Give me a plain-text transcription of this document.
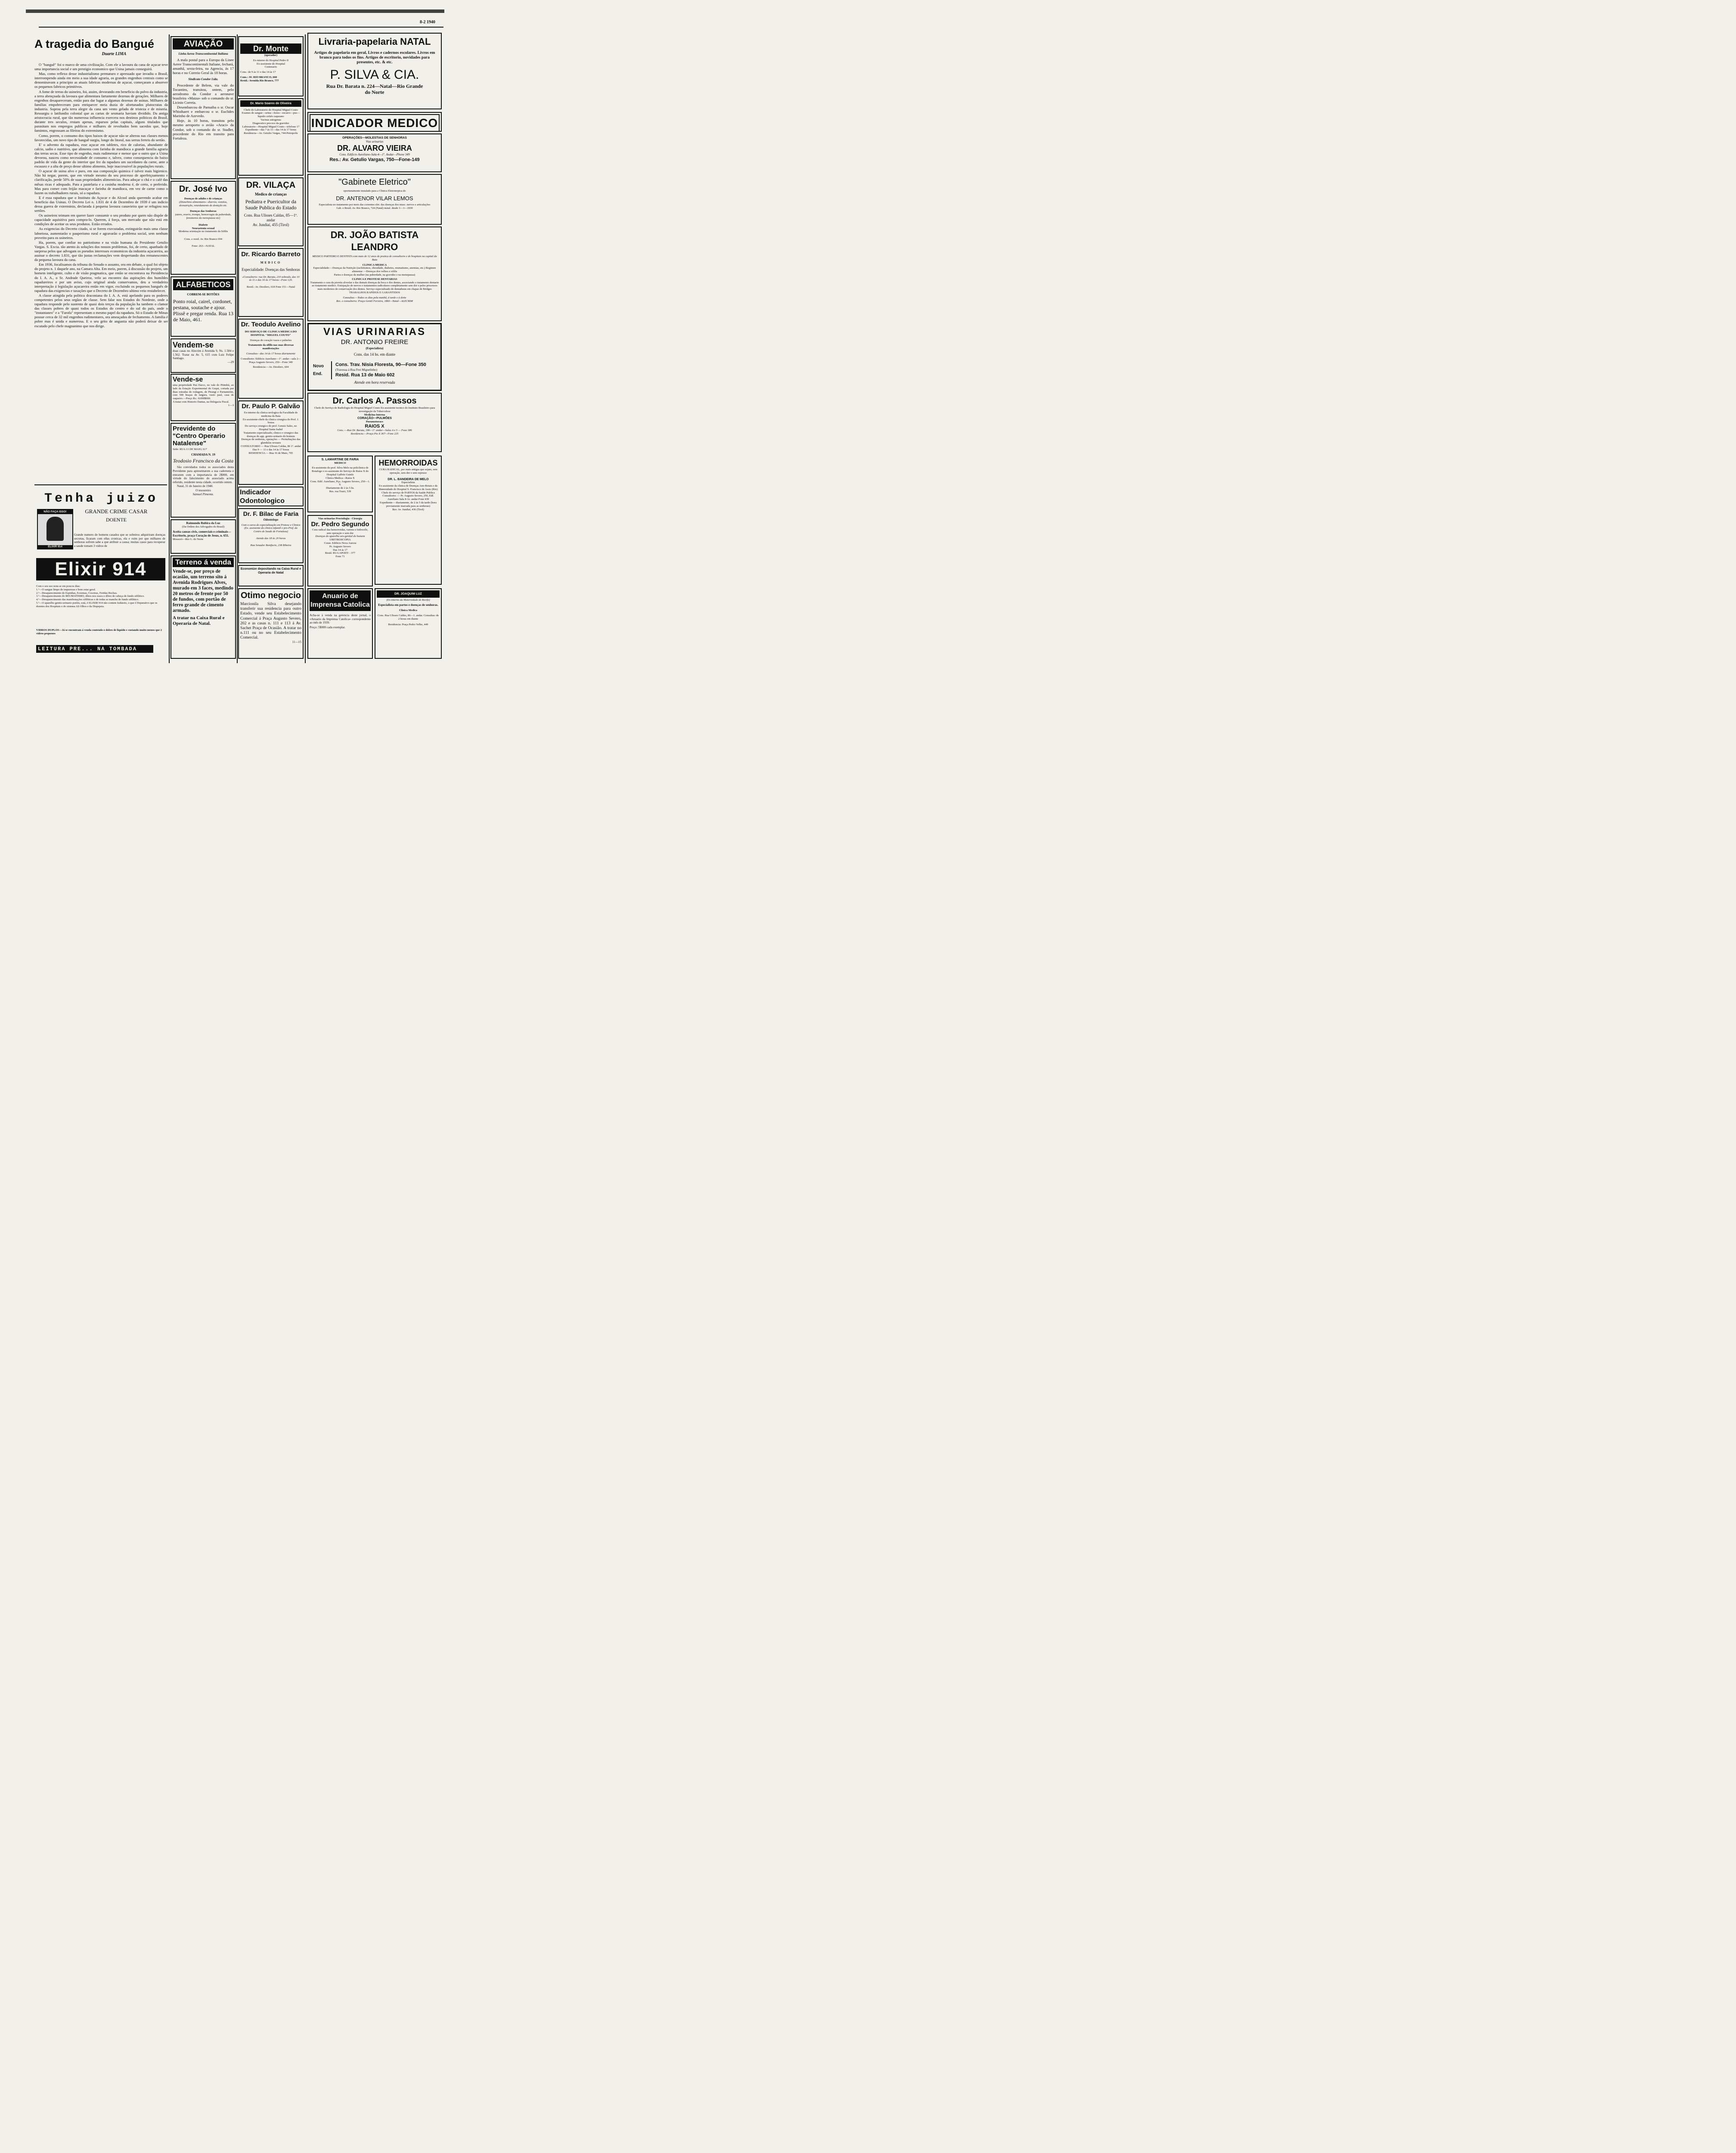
8-2 1940
A tragedia do Bangué
Duarte LIMA

O "banguê" foi o marco de uma civilização. Com ele a lavoura da cana de açucar teve uma importancia social e um prestigio economico que Usina jamais conseguirá.

Mas, como reflexo desse industrialismo prematuro e apressado que invadiu o Brasil, interrompendo ainda em meio a sua idade agraria, os grandes engenhos centrais como se denominavam a principio as atuais fabricas modernas de açucar, começaram a absorver os pequenos fabricos primitivos.

A fome de terras do usineiro, foi, assim, devorando em beneficio do polvo da industria, a terra abençoada da lavoura que alimentara fartamente dezenas de gerações. Milhares de engenhos desapareceram, então para dar lugar a algumas dezenas de usinas. Milhares de familias empobreceram para enriquecer meia duzia de afortunados plutocratas da industria. Soprou pela terra alegre da cana um vento gelado de tristeza e de miseria. Ressurgiu o latifundio colonial que as cartas de sesmaria haviam dividido. Da antiga aristocracia rural, que tão numerosa influencia exercera nos destinos politicos do Brasil, durante tres seculos, restam apenas, esparsos pelas capitais, alguns titulados que parasitam nos empregos publicos e milhares de revoltados bem sacedos que, hoje famintos, engrossam as fileiras do extremismo.

Como, porem, o consumo dos tipos baixos de açucar não se alterou nas classes menos favorecidas, um novo tipo de banguê surgiu, longe do litoral, nas serras ferteis do sertão.

E' o advento da rapadura, esse açucar em tabletes, rico de calorias, abundante de calcio, sadio e nutritivo, que alimenta com farinha de mandioca a grande familia agraria das terras secas. Esse tipo de engenho, mais rudimentar e menor que o outro que a Usina devorou, nasceu como necessidade de consumo e, talvez, como consequencia do baixo padrão de vida da gente do interior que fez da rapadura um sucedaneo da carne, ante a escassez e a alta de preço desse ultimo alimento, hoje inaccessivel ás populações rurais.

O açucar de usina alvo e puro, em sua composição quimica é talvez mais higienico. Não há negar, porem, que em virtude mesmo do seu processo de aperfeiçoamento e clarificação, perde 50% de suas propriedades alimenticias. Para adoçar o chá e o café das mêsas ricas é adequado. Para a pastelaria e a cosinha moderna é, de certo, o preferido. Mas para comer com feijão macaçar e farinha de mandioca, em vez de carne como o fazem os trabalhadores rurais, só a rapadura.

E é essa rapadura que o Instituto do Açucar e do Alcool anda querendo acabar em beneficio das Usinas. O Decreto Lei n. 1.831 de 4 de Dezembro de 1939 é um indicio dessa guerra de exterminio, declarada á pequena lavoura canavieira que se refugiou nos sertões.

Os usineiros teimam em querer fazer consumir o seu produto por quem não dispõe de capacidade aquisitiva para compra-lo. Querem, á força, um mercado que não está em condições de aceitar os seus produtos. Estão errados.

As exigencias do Decreto citado, si se forem executadas, extinguirão mais uma classe laboriosa, aumentarão o pauperismo rural e agravarão o problema social, sem nenhum proveito para os usineiros.

Ha, porem, que confiar no patriotismo e na visão humana do Presidente Getulio Vargas. S. Excia. tão atento ás soluções dos nossos problemas, foi, de certo, apanhado de surpresa pelos que advogam os pseudos interesses economicos da industria açucareira, ao assinar o decreto 1.831, que tão justas reclamações vem despertando dos remanescentes da pequena lavoura da cana.

Em 1936, focalisamos da tribuna do Senado o assunto, ora em debate, o qual foi objeto do projeto n. 1 daquele ano, na Camara Alta. Em meio, porem, á discussão do projeto, um homem inteligente, culto e de visão pragmatica, que então se encontrava na Presidencia do I. A. A., o Sr. Andrade Queiroz, velo ao encontro das aspirações dos humildes rapadureiros e por um aviso, cujo original ainda conservamos, deu a verdadeira interpretação á legislação açucareira então em vigor, excluindo os pequenos banguês de rapadura das exigencias e taxações que o Decreto de Dezembro ultimo veio restabelecer.

A classe atingida pela politica draconiana do I. A. A. está apelando para os poderes competentes pelos seus orgãos de classe. Sem falar nos Estados do Nordeste, onde a rapadura responde pelo sustento de quasi dois terços da população ha tambem o clamor das classes pobres de quasi todos os Estados do centro e do sul do país, onde o "instantaneo" e a "Farofa" representam o mesmo papel da rapadura. Só o Estado de Minas possue cerca de 32 mil engenhos rudimentares, ora ameaçados de fechamento. A familia é pobre mas é unida e numerosa. E o seu grito de angustia não poderá deixar de ser escutado pelo chefe magnanimo que nos dirige.

Tenha juizo
GRANDE CRIME CASAR
DOENTE
NÃO FAÇA ISSO!
ELIXIR 914
Grande numero de homens casados que se solteiros adquiriram doenças secretas, ficaram com ellas cronicas, ela e ruim por que milhares de senhoras sofrem sabe a que atribuir a causa; muitas casos para recuperar a saude tomam 3 vidros de
Elixir 914
Com o seu uso nota-se em poucos dias:
1.º—O sangue limpo de impurezas e bom estar geral.
2.º—Desaparecimento de Espinhas, Eczemas, Coceiras, Feridas Bochas.
3.º—Desaparecimento do REUMATISMO, dôres nos ossos e dôres de cabeça de fundo sifilitico.
4.º—Desaparecimento das manifestações sifiliticas e de todas as mancha de fundo sifilitico.
5.º—O aparelho genito-urinario porém, está, é ELIXIR 914 não contem Iodureto, o que é Depurativo que os doentes dos Hospitais e do sistema Ali Olhos e da Dispepsia.
VIDROS DUPLOS—Já se encontram á venda contendo o dobro de liquido e custando muito menos que 2 vidros pequenos
LEITURA PRE... NA TOMBADA
AVIAÇÃO
Linha Aerea Transcontinental Italiana

A mala postal para a Europa da Linee Aeree Transcontinentali Italiane, fechará, amanhã, sexta-feira, na Agencia, ás 17 horas e no Correio Geral ás 18 horas.

Sindicato Condor Ltda.

Procedente de Belem, via vale do Tocantins, transitou, ontem, pelo aerodromo da Condor a aeronave brasileira «Maiza» sob o comando do sr. Licinio Correia.

Desembarcou de Parnaiba o sr. Oscar Whisthaert e embarcou o sr. Euclides Marinho de Azevedo.

Hoje, ás 10 horas, transitou pelo mesmo aeroporto o avião «Araci» da Condor, sob o comando do sr. Stadler, procedente do Rio em transito para Fortaleza.

Dr. José Ivo
Doenças de adulto e de crianças
(Disturbios alimentares—diarréa, vomitos, desnutrição, retardamento de dentição etc.
Doenças das Senhoras
(utero, ovario, trompa, hemorragia da puberdade, fenomenos da menopausa etc)
Diabete
Neurastenia sexual
Moderna orientação no tratamento da Sifilis
Cons. e resid. Av. Rio Branco 694
Fone: 263—NATAL
ALFABETICOS
COBREM-SE BOTÕES
Ponto roial, cairel, cordonet, pestana, soutache e ajour. Plissê e pregar renda. Rua 13 de Maio, 461.
Vendem-se
duas casas no Alecrim á Avenida 9, Ns. 1.584 e 1.562. Tratar na Av. 5, 615 com Luiz Felipe Santiago.
—29
Vende-se
uma propriedade Pau Darco, no vale do Pitimbú, ao lado da Estação Experimental do Gequi, cortada por duas estradas de rodagem, de Pirangi e Parnamirim, com 500 braças de largura, vasto paul, casa de vaqueiro.—Preço Rs.: 8:000$000.
A tratar com Honorio Dantas, na Delegacia Fiscal.
1—3
Previdente do "Centro Operario Natalense"
Séde: RUA 13 DE MAIO, 617
CHAMADA N. 19
Teodosio Francisco da Costa

São convidados todos os associados desta Previdente para apresentarem a sua caderneta e entrarem com a importancia de 2$000, em virtude do falecimento do associado acima referido, residente nesta cidade, ocorrido ontem.

Natal, 31 de Janeiro de 1940.

O tesoureiro
Samuel Pimenta.
Raimundo Rubira da Luz
(Da Ordem dos Advogados do Brasil)
Aceita causas civis, comerciais e criminais—Escritorio, praça Coração de Jesus, n. 651.
Mossoró—Rio G. do Norte
Terreno á venda
Vende-se, por preço de ocasião, um terreno sito á Avenida Rodrigues Alves, murado em 3 faces, medindo 20 metros de frente por 50 de fundos, com portão de ferro grande de cimento armado.
A tratar na Caixa Rural e Operaria de Natal.
Dr. Monte
(operador)
Ex-interno do Hospital Pedro II
Ex-assistente do Hospital
Centenario
Cons.: de 9 ás 11 e das 14 ás 17
Cons.: AV. RIO BRANCO, 660
Resid.: Avenida Rio Branco, 777
Dr. Mario Soares de Oliveira
Chefe do Laboratorio do Hospital Miguel Couto
Exames de sangue—urina—fezes—escarro—pus—liquido cefalo raqueano
Vacinas autogenas
Diagnostico precoce da gravidez
Laboratorio—Hospital Miguel Couto—telefone 17
Expediente—das 7 ás 11—das 14 ás 17 horas
Residencia—Av. Getulio Vargas, 744-Petropolis
DR. VILAÇA
Medico de crianças
Pediatra e Puericultor da Saude Publica do Estado
Cons. Rua Ulisses Caldas, 85—1º. andar
Av. Jundiaí, 455 (Tirol)
Dr. Ricardo Barreto
MEDICO
Especialidade: Doenças das Senhoras
«Consultorio: rua Dr. Barata, 210 sobrado, das 10 ás 11 e das 16 ás 17 horas—Fone 120.
Resid.: Av. Deodoro, 618 Fone 151—Natal
Dr. Teodulo Avelino
DO SERVIÇO DE CLINICA MEDICA DO HOSPITAL "MIGUEL COUTO"
Doenças do coração vasos e pulmões
Tratamento da sifilis nas suas diversas manifestações
Consultas—das 14 ás 17 horas diariamente
Consultorio: Edificio Aureliano—1º. andar—sala 2—Praça Augusto Severo, 250—Fone 349
Residencia:—Av. Deodoro, 604
Dr. Paulo P. Galvão
Ex-interno da clinica urologica da Faculdade de medicina da Baía
Ex-assistente-chefe da clinica cirurgica do Prof. J. Sousa
Do serviço cirurgico do prof. Gensio Sales, no Hospital Santa Isabel
Tratamento especializado, clinico e cirurgico das doenças do app. genito-urinario do homem
Doenças de senhoras, operações — Perturbações das glandulas sexuaes
CONSULTORIO — Rua Ulisses Caldas, 86 1º. andar
Das 9 — 11 e das 14 às 17 horas
RESIDENCIA — Rua 16 de Maio, 705
Indicador Odontologico
Dr. F. Bilac de Faria
Odontologo
Com o curso de especialização em Protese e Clinica (Ex. assistente da clinica infantil e pro-Prof. da Centro de Saude de Fortaleza)
Atende das 18 ás 20 horas
Rua Senador Bonifacio, 238 Ribeira
Economize depositando na Caixa Rural e Operaria de Natal
Otimo negocio
Marcionila Silva desejando transferir sua residencia para outro Estado, vende seu Estabelecimento Comercial á Praça Augusto Severo, 202 e as casas n. 111 e 113 á Av. Sachet Praça de Ocasião. A tratar no n.111 ou no seu Estabelecimento Comercial.
11—15
Livraria-papelaria NATAL
Artigos de papelaria em geral, Livros e cadernos escolares. Livros em branco para todos os fins. Artigos de escritorio, novidades para presentes, etc. & etc.
P. SILVA & CIA.
Rua Dr. Barata n. 224—Natal—Rio Grande do Norte
INDICADOR MEDICO
OPERAÇÕES—MOLESTIAS DE SENHORAS
Vias urinarias
DR. ALVARO VIEIRA
Cons. Edificio Aureliano-Sala-4—1º. Andar—Phone 349
Res.: Av. Getulio Vargas, 750—Fone-149
"Gabinete Eletrico"
oportunamente instalado para a Clinica Eletroterpica do
DR. ANTENOR VILAR LEMOS
Especialista no tratamento por meio das correntes elet. das doenças dos musc. nervos e articulações
Gab. e Resid. Av. Rio Branco, 724 (Natal) instal. desde 3—3—1939
DR. JOÃO BATISTA LEANDRO
MEDICO PARTEIRO E DENTISTA com mais de 12 anos de pratica de consultorio e de hospitais na capital da Baia
CLINICA MEDICA
Especialidade:—Doenças da Nutrição (rachitismos, obesidade, diabetes, reumatismo, anemias, etc.) Regimen alimentar —Doenças dos velhos e sifilis
Partos e doenças da mulher (na puberdade, na gravidez e na menopausa)
CLINICA E PROTESE DENTARIAS
Tratamento e cura da piorréa alveolar e das demais doenças da boca e dos dentes, associando o tratamento dentario ao tratamento medico. Extirpação de nervos e tratamentos radiculares completamente sem dor e pelos processos mais modernos de conservação dos dentes. Serviço especialisado de dentaduras em chapas de Bridges TRABALHOS RAPIDOS E GARANTIDOS
Consultas:—Todos os dias pela manhã, á tarde e á doite
Res. e consultorio: Praça Gentil Ferreira, 1860—Natal—ALECRIM
VIAS URINARIAS
DR. ANTONIO FREIRE
(Especialista)
Cons. das 14 hs. em diante
Novo
End.
Cons. Trav. Nisia Floresta, 90—Fone 350
(Travessa á Rua Frei Miguelinho)
Resid. Rua 13 de Maio 602
Atende em hora reservada
Dr. Carlos A. Passos
Chefe do Serviço de Radiologia do Hospital Miguel Couto Ex-assistente tecnico do Instituto Brasileiro para investigação da Tuberculose
Medicina Interna
CORAÇÃO—PULMÕES
Pneumotorace
RAIOS X
Cons.:—Rua Dr. Barata, 186—1º. andar—Salas 4 e 5 — Fone 386
Residencia:—Praça Pio X 367—Fone 225
S. LAMARTINE DE FARIA
MEDICO
Ex-assistente do prof. Silva Melo na policlinica de Botafogo e ex-assistente do Serviço de Raios X do Hospital Gaffrée Guinle
Clinica Medica—Raios X
Cons. Edif. Aureliano, Pça. Augusto Severo, 250—1. S.
Diariamente de 2 ás 5 hs.
Res. rua Trairi, 539
Vias urinarias Proctologia - Cirurgia
Dr. Pedro Segundo
Cura radical das hemorroidas, varizes e hidrocéle, sem operação e sem dor
Doenças do aparelho uro-genital do homem
URETROSCOPIA
Const. Edificio Nova Aurora
Pr. Augusto Severo
Das 14 ás 17
Resid. RUA APODY - 377
Fone 71
Anuario de Imprensa Catolica
Acha-se á venda na gerencia deste jornal, o «Anuario da Imprensa Catolica» correspondente ao mês de 1939.
Preço: 5$000 cada exemplar.
HEMORROIDAS
CURA RADICAL, por mais antigas que sejam, sem operação, sem dor e sem repouso
DR. L. BANDEIRA DE MELO
Especialista
Ex-assistente da clinica de Doenças Ano-Retais e da Maternidade do Hospital S. Francisco de Assis (Rio)
Chefe do serviço de PARTOS da Saúde Publica
Consultorio: — Pr. Augusto Severo, 250, Edf. Aureliano Sala 8-1o. andar-Fone 439
Expediente— diariamente, de 2 ás 5 da tarde (hora previamente marcada para as senhoras)
Res: Av. Jundiaí, 436 (Tirol)
DR. JOAQUIM LUZ
(Ex-interno da Maternidade de Recife)
Especialista em partos e doenças de senhoras.
Clinica Medica
Cons. Rua Ulisses Caldes, 86—1. andar. Consultas: de 2 horas em diante
Residencia: Praça Pedro Velho, 449
